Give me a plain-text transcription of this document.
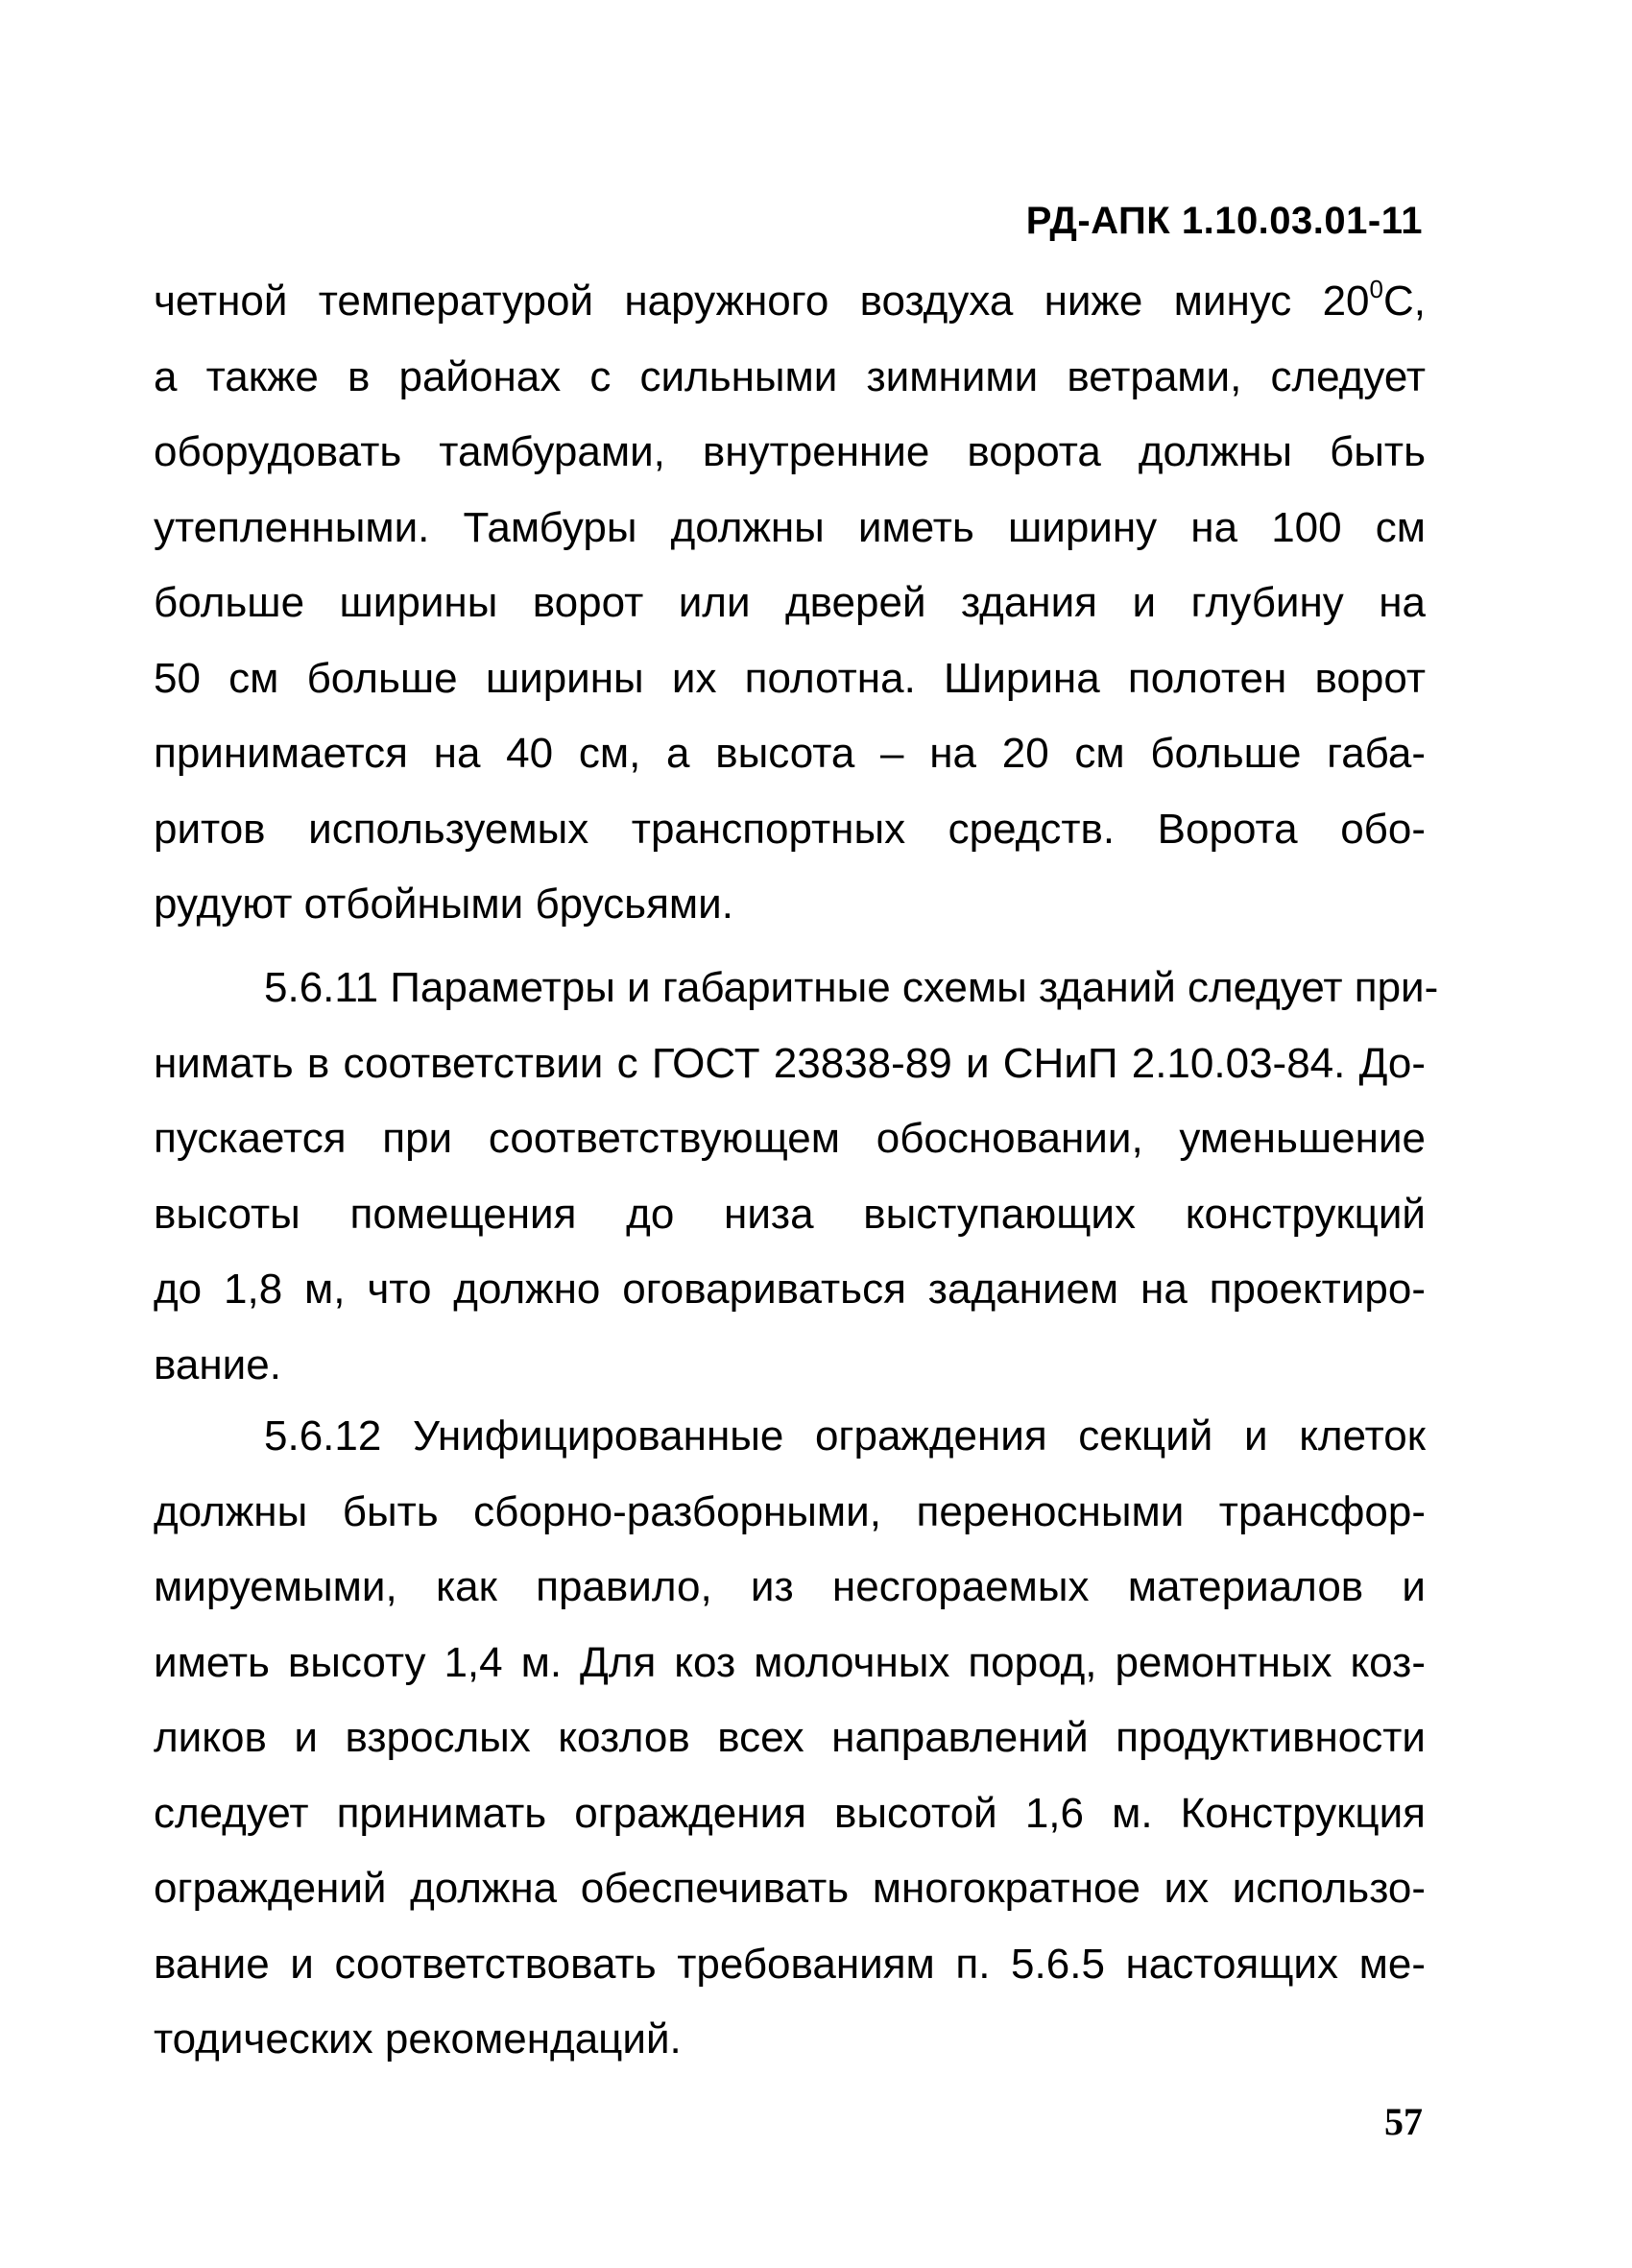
РД-АПК 1.10.03.01-11
четной температурой наружного воздуха ниже минус $20^0С$,
а также в районах с сильными зимними ветрами, следует
оборудовать тамбурами, внутренние ворота должны быть
утепленными. Тамбуры должны иметь ширину на 100 см
больше ширины ворот или дверей здания и глубину на
50 см больше ширины их полотна. Ширина полотен ворот
принимается на 40 см, а высота – на 20 см больше габа-
ритов используемых транспортных средств. Ворота обо-
рудуют отбойными брусьями.
5.6.11 Параметры и габаритные схемы зданий следует при-
нимать в соответствии с ГОСТ 23838-89 и СНиП 2.10.03-84. До-
пускается при соответствующем обосновании, уменьшение
высоты помещения до низа выступающих конструкций
до 1,8 м, что должно оговариваться заданием на проектиро-
вание.
5.6.12 Унифицированные ограждения секций и клеток
должны быть сборно-разборными, переносными трансфор-
мируемыми, как правило, из несгораемых материалов и
иметь высоту 1,4 м. Для коз молочных пород, ремонтных коз-
ликов и взрослых козлов всех направлений продуктивности
следует принимать ограждения высотой 1,6 м. Конструкция
ограждений должна обеспечивать многократное их использо-
вание и соответствовать требованиям п. 5.6.5 настоящих ме-
тодических рекомендаций.
57
